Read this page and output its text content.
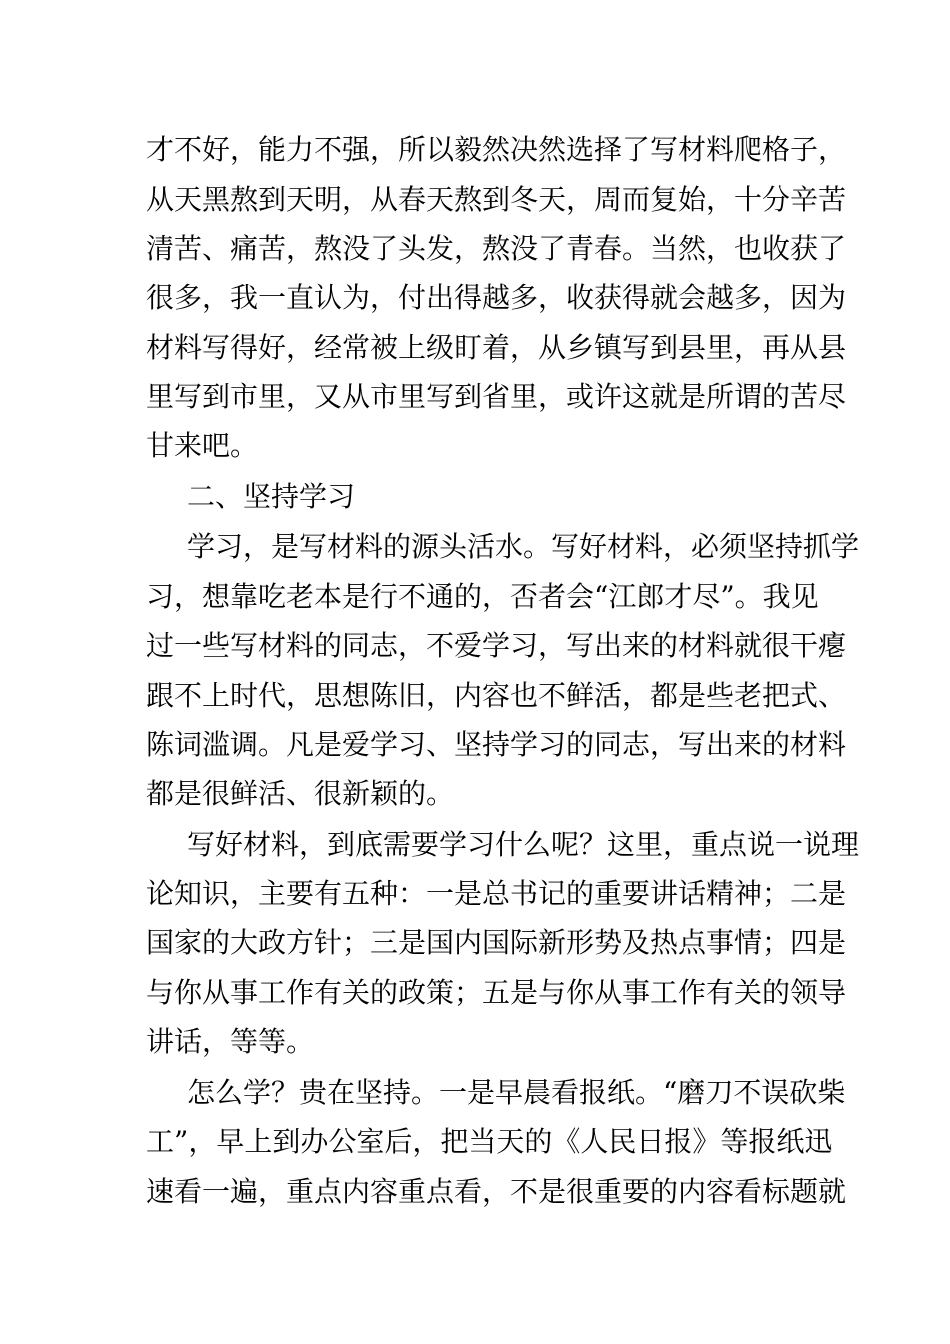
才不好，能力不强，所以毅然决然选择了写材料爬格子，
从天黑熬到天明，从春天熬到冬天，周而复始，十分辛苦
清苦、痛苦，熬没了头发，熬没了青春。当然，也收获了
很多，我一直认为，付出得越多，收获得就会越多，因为
材料写得好，经常被上级盯着，从乡镇写到县里，再从县
里写到市里，又从市里写到省里，或许这就是所谓的苦尽
甘来吧。
二、坚持学习
学习，是写材料的源头活水。写好材料，必须坚持抓学
习，想靠吃老本是行不通的，否者会“江郎才尽”。我见
过一些写材料的同志，不爱学习，写出来的材料就很干瘪
跟不上时代，思想陈旧，内容也不鲜活，都是些老把式、
陈词滥调。凡是爱学习、坚持学习的同志，写出来的材料
都是很鲜活、很新颖的。
写好材料，到底需要学习什么呢？这里，重点说一说理
论知识，主要有五种：一是总书记的重要讲话精神；二是
国家的大政方针；三是国内国际新形势及热点事情；四是
与你从事工作有关的政策；五是与你从事工作有关的领导
讲话，等等。
怎么学？贵在坚持。一是早晨看报纸。“磨刀不误砍柴
工”，早上到办公室后，把当天的《人民日报》等报纸迅
速看一遍，重点内容重点看，不是很重要的内容看标题就
